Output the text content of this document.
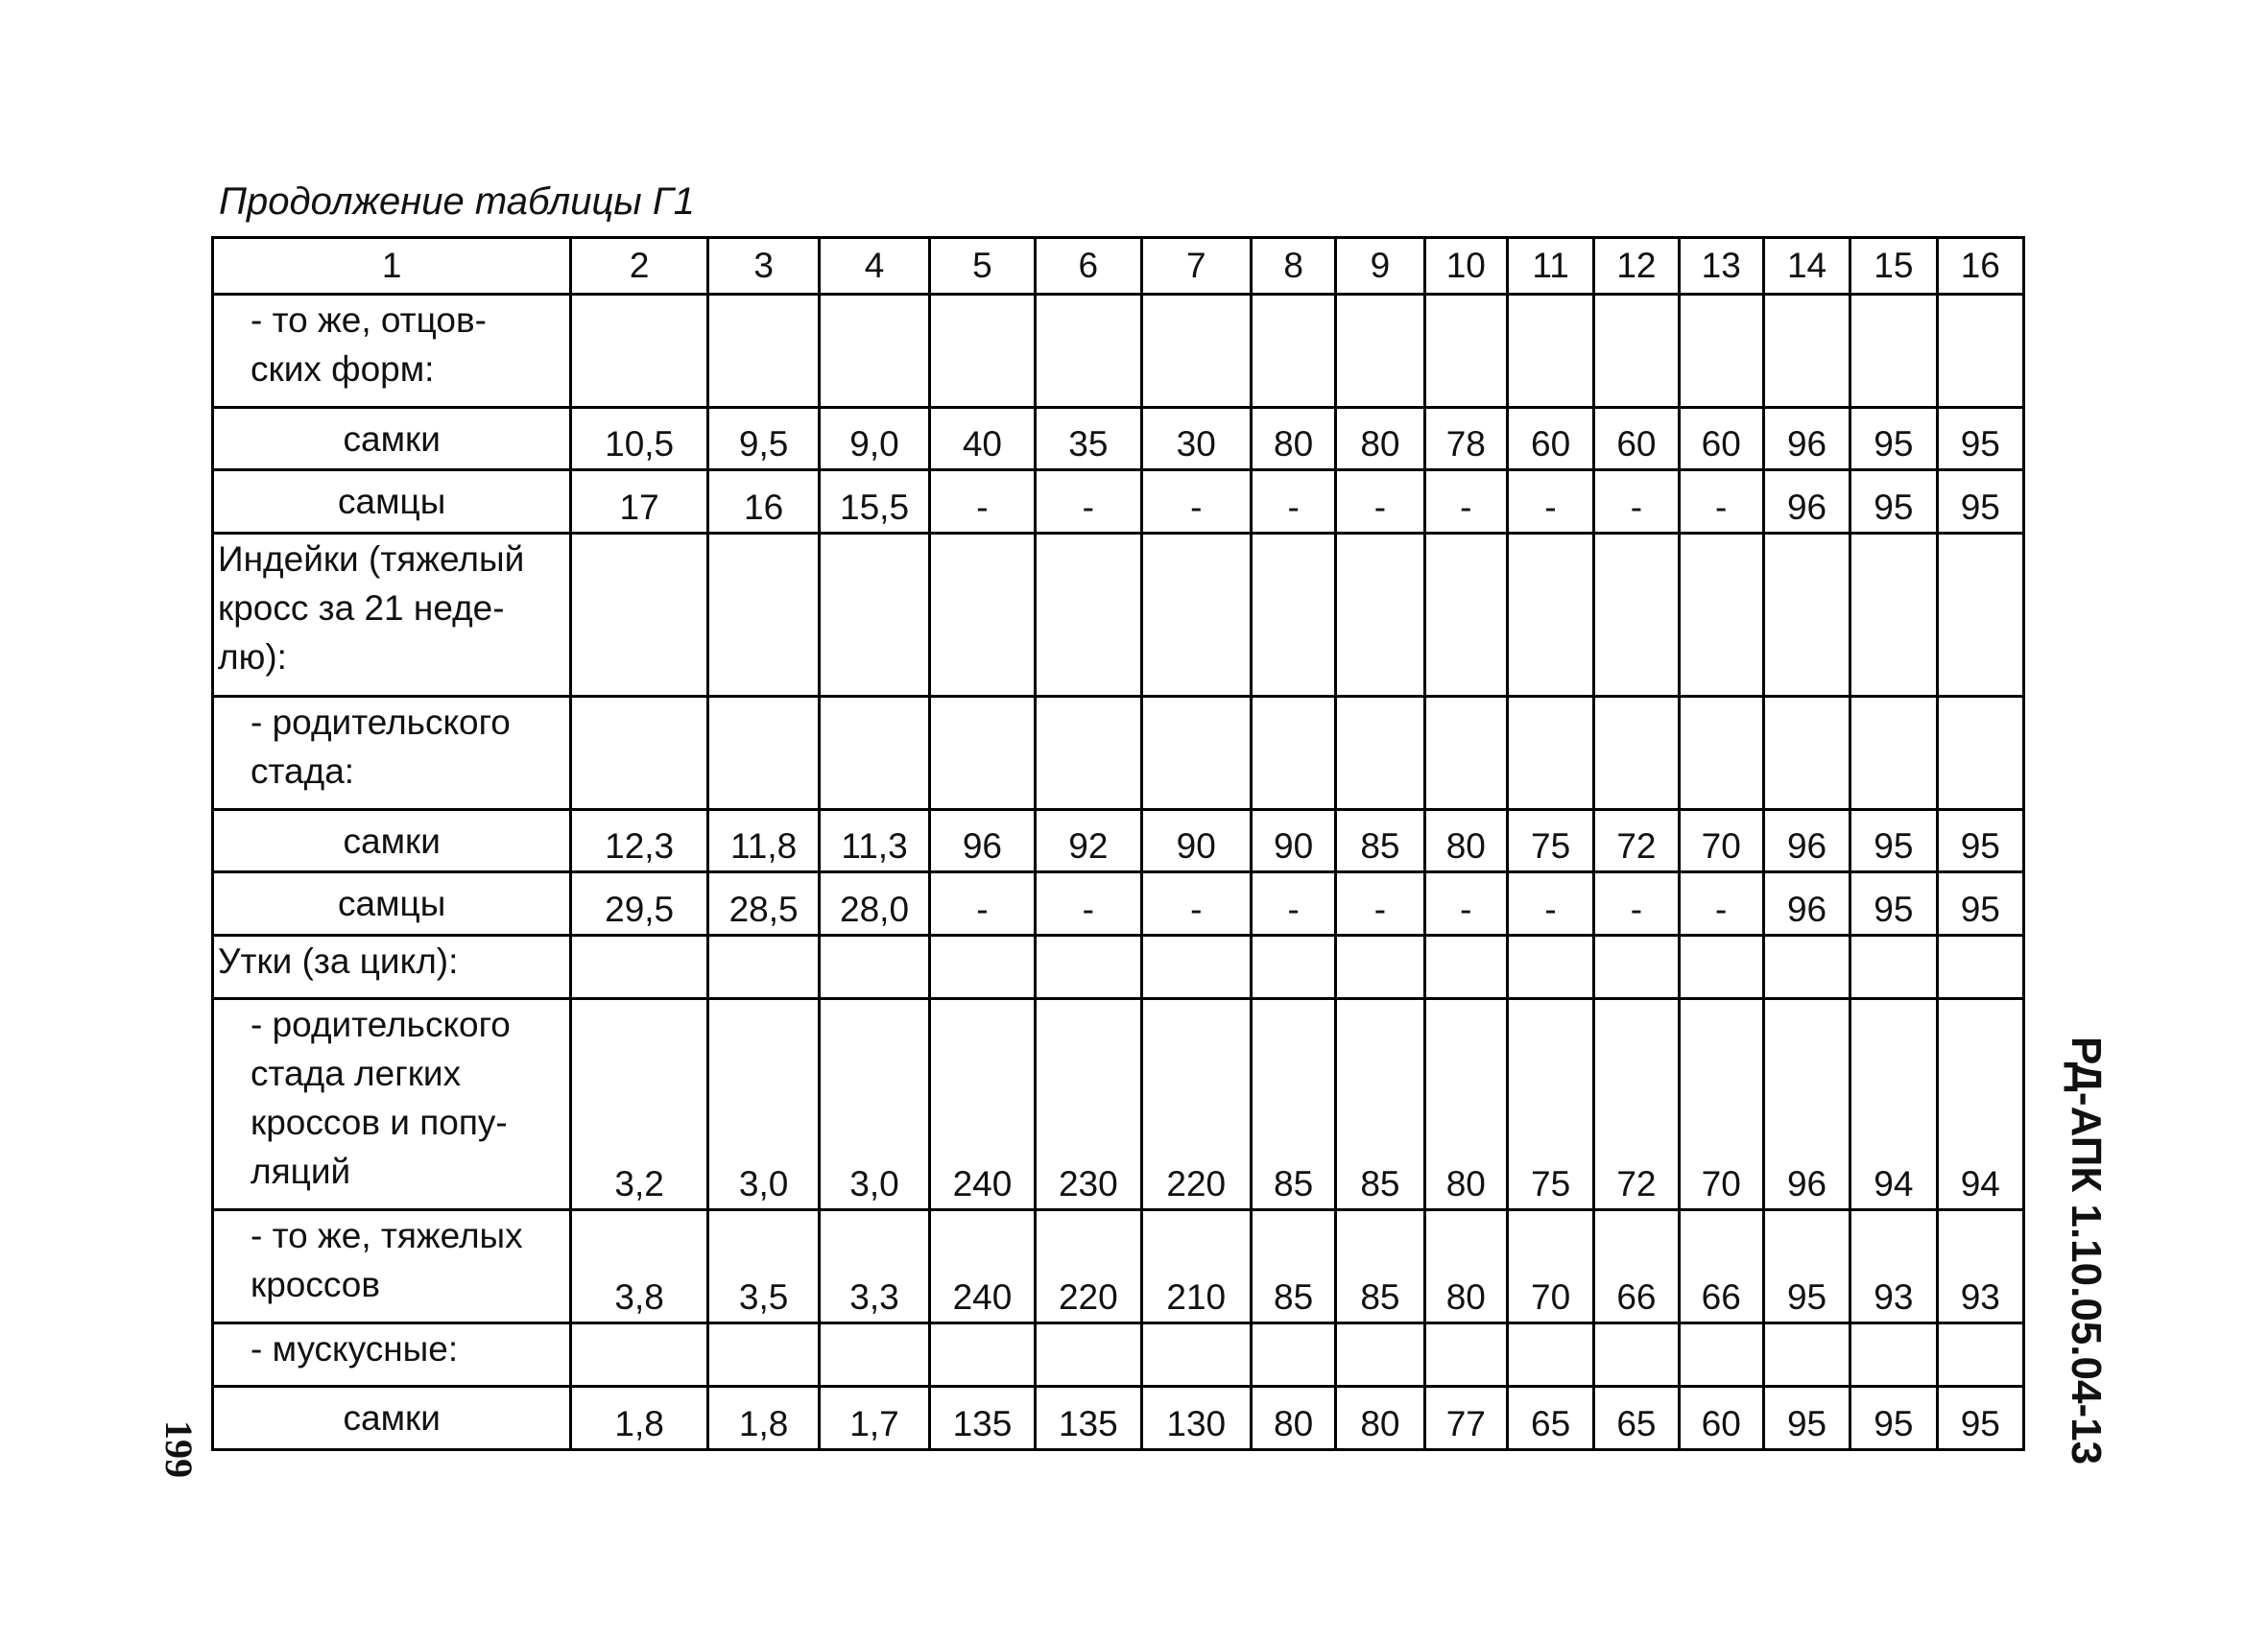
Продолжение таблицы Г1
1	2	3	4	5	6	7	8	9	10	11	12	13	14	15	16

- то же, отцов-
ских форм:															

самки	10,5	9,5	9,0	40	35	30	80	80	78	60	60	60	96	95	95

самцы	17	16	15,5	-	-	-	-	-	-	-	-	-	96	95	95

Индейки (тяжелый
кросс за 21 неде-
лю):															

- родительского
стада:															

самки	12,3	11,8	11,3	96	92	90	90	85	80	75	72	70	96	95	95

самцы	29,5	28,5	28,0	-	-	-	-	-	-	-	-	-	96	95	95

Утки (за цикл):															

- родительского
стада легких
кроссов и попу-
ляций	3,2	3,0	3,0	240	230	220	85	85	80	75	72	70	96	94	94

- то же, тяжелых
кроссов	3,8	3,5	3,3	240	220	210	85	85	80	70	66	66	95	93	93

- мускусные:															

самки	1,8	1,8	1,7	135	135	130	80	80	77	65	65	60	95	95	95	РД-АПК 1.10.05.04-13
199
